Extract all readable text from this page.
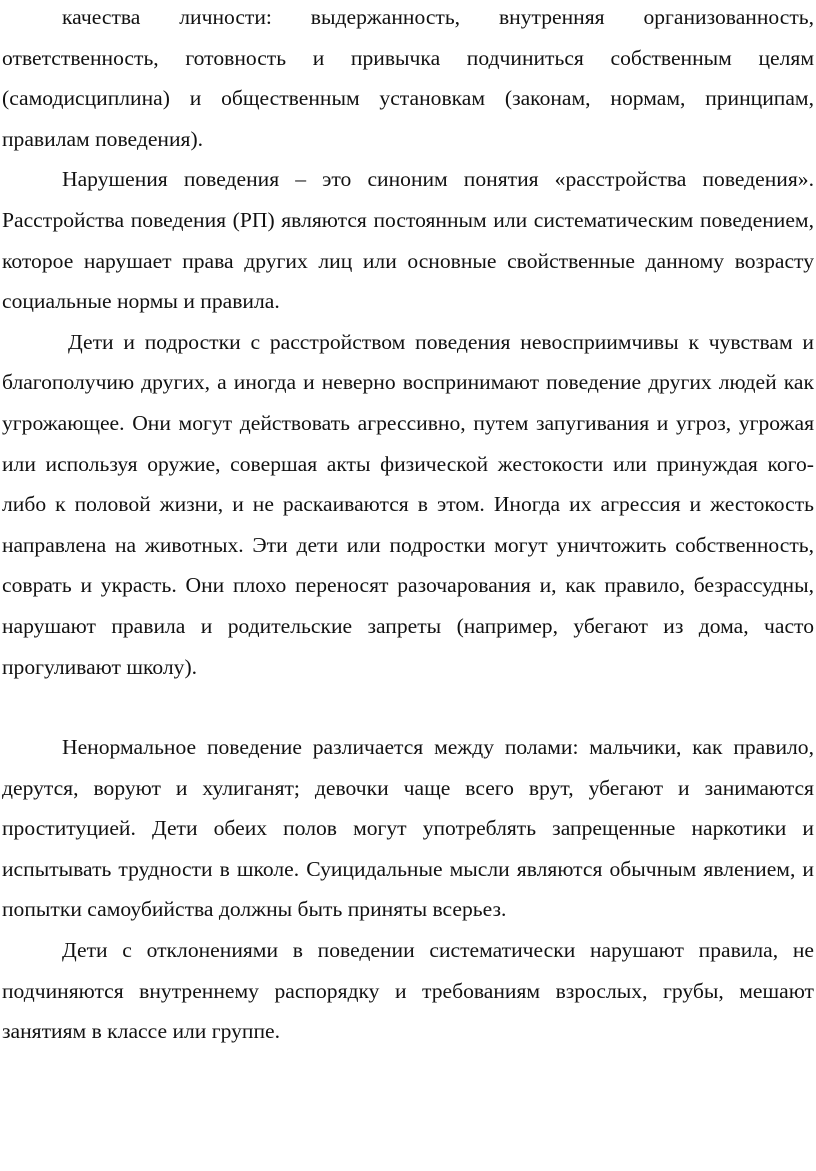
качества личности: выдержанность, внутренняя организованность, ответственность, готовность и привычка подчиниться собственным целям (самодисциплина) и общественным установкам (законам, нормам, принципам, правилам поведения).

Нарушения поведения – это синоним понятия «расстройства поведения». Расстройства поведения (РП) являются постоянным или систематическим поведением, которое нарушает права других лиц или основные свойственные данному возрасту социальные нормы и правила.

Дети и подростки с расстройством поведения невосприимчивы к чувствам и благополучию других, а иногда и неверно воспринимают поведение других людей как угрожающее. Они могут действовать агрессивно, путем запугивания и угроз, угрожая или используя оружие, совершая акты физической жестокости или принуждая кого-либо к половой жизни, и не раскаиваются в этом. Иногда их агрессия и жестокость направлена на животных. Эти дети или подростки могут уничтожить собственность, соврать и украсть. Они плохо переносят разочарования и, как правило, безрассудны, нарушают правила и родительские запреты (например, убегают из дома, часто прогуливают школу).

Ненормальное поведение различается между полами: мальчики, как правило, дерутся, воруют и хулиганят; девочки чаще всего врут, убегают и занимаются проституцией. Дети обеих полов могут употреблять запрещенные наркотики и испытывать трудности в школе. Суицидальные мысли являются обычным явлением, и попытки самоубийства должны быть приняты всерьез.

Дети с отклонениями в поведении систематически нарушают правила, не подчиняются внутреннему распорядку и требованиям взрослых, грубы, мешают занятиям в классе или группе.
